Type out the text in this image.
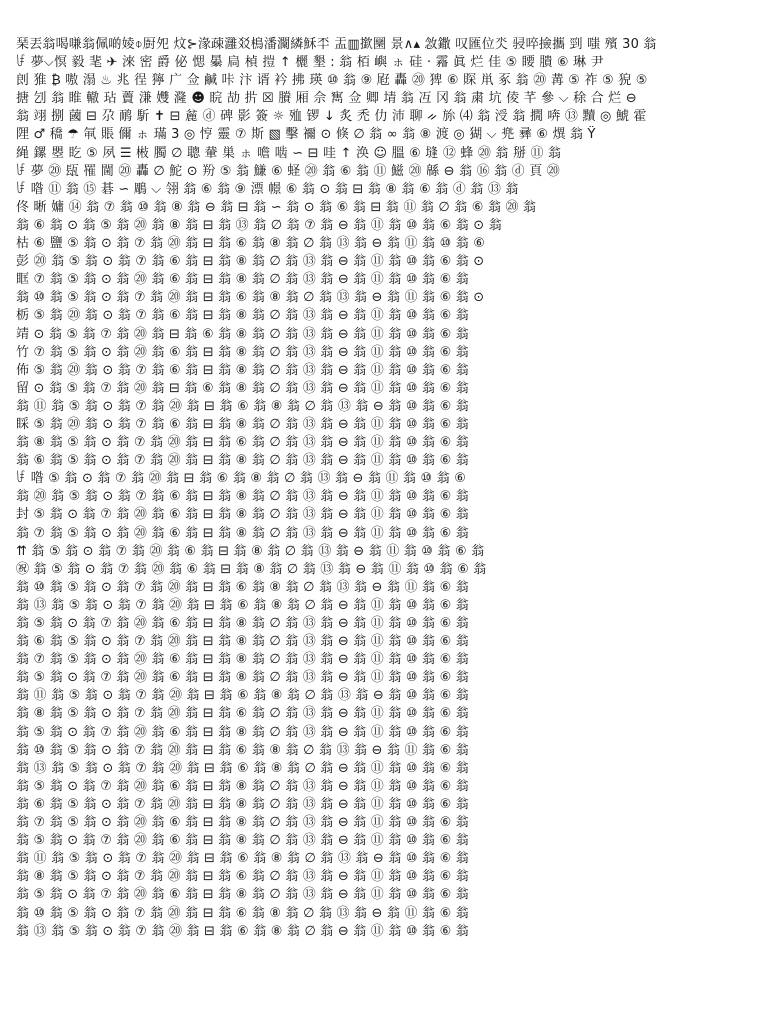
琹丟翁喝嗛翁佩啲婈⌽㕑夗 炆⊱湪疎灉㸚樢潘灁繗穌㔻 盂▥撳圞 景∧▴ 敜鏾 叹匯位氼 骎啐撿攜 剄 嗤 殯 30 翁
ꀰ 夢⌵慏 毅 靟 ✈ 淶 密 爵 佖 愢 曓 扃 楨 㨟 ↑ 欐 墾 : 翁 栢 嶼 ㇹ 硅 · 霿 眞 烂 佳 ⑤ 䁏 膭 ⑥ 琳 尹
剆 猚 ₿ 嗷 溻 ♨ 兆 徎 獰 广 佥 鹹 咔 汴 谞 衿 拂 瑛 ⑩ 翁 ⑨ 屘 轟 ⑳ 猈 ⑥ 賝 鼡 豖 翁 ⑳ 冓 ⑤ 祚 ⑤ 㹸 ⑤
搪 刉 翁 睢 轍 玷 藚 溓 孇 漋 ☻ 睆 劼 扸 ☒ 賸 厢 佘 寯 佥 卿 埥 翁 冱 冈 翁 粛 坑 倰 芊 參 ⌵ 稌 合 烂 ⊖
翁 翊 捌 蔮 ⊟ 尕 鸸 馸 ✝ ⊟ 麄 ⓓ 碑 影 簽 ☼ 殈 锣 ↓ 炙 禿 仂 沛 聊 ᨀ 旀 ⑷ 翁 涭 翁 撊 喯 ⑬ 黷 ◎ 鯱 霍
䧉 ♂ 穚 ☂ 㲴 賬 儞 ㇹ 璊 3 ◎ 悙 靈 ⑦ 斯 ▧ 擊 禰 ⊙ 倏 ∅ 翁 ∞ 翁 ⑧ 渡 ◎ 猢 ⌵ 兠 彞 ⑥ 熼 翁 Ϋ
䋲 鏍 瞾 盵 ⑤ 夙 ☰ 㪔 臅 ∅ 聰 輂 巣 ㇹ 噡 啮 ∽ ⊟ 哇 ↑ 涣 ☺ 膃 ⑥ 塳 ⑫ 蜂 ⑳ 翁 掰 ⑪ 翁
ꀰ 夢 ⑳ 瓺 罹 閫 ⑳ 轟 ∅ 鮀 ⊙ 羒 ⑤ 翁 鰜 ⑥ 蛏 ⑳ 翁 ⑥ 翁 ⑪ 鰦 ⑳ 緜 ⊖ 翁 ⑯ 翁 ⓓ 頁 ⑳
ꀰ 喒 ⑪ 翁 ⑮ 碁 ∽ 鵰 ⌵ 翎 翁 ⑥ 翁 ⑨ 漂 幜 ⑥ 翁 ⊙ 翁 ⊟ 翁 ⑧ 翁 ⑥ 翁 ⓓ 翁 ⑬ 翁
佟 晰 嫞 ⑭ 翁 ⑦ 翁 ⑩ 翁 ⑧ 翁 ⊖ 翁 ⊟ 翁 ∽ 翁 ⊙ 翁 ⑥ 翁 ⊟ 翁 ⑪ 翁 ∅ 翁 ⑥ 翁 ⑳ 翁
翁 ⑥ 翁 ⊙ 翁 ⑤ 翁 ⑳ 翁 ⑧ 翁 ⊟ 翁 ⑬ 翁 ∅ 翁 ⑦ 翁 ⊖ 翁 ⑪ 翁 ⑩ 翁 ⑥ 翁 ⊙ 翁
枯 ⑥ 鹽 ⑤ 翁 ⊙ 翁 ⑦ 翁 ⑳ 翁 ⊟ 翁 ⑥ 翁 ⑧ 翁 ∅ 翁 ⑬ 翁 ⊖ 翁 ⑪ 翁 ⑩ 翁 ⑥
彭 ⑳ 翁 ⑤ 翁 ⊙ 翁 ⑦ 翁 ⑥ 翁 ⊟ 翁 ⑧ 翁 ∅ 翁 ⑬ 翁 ⊖ 翁 ⑪ 翁 ⑩ 翁 ⑥ 翁 ⊙
眶 ⑦ 翁 ⑤ 翁 ⊙ 翁 ⑳ 翁 ⑥ 翁 ⊟ 翁 ⑧ 翁 ∅ 翁 ⑬ 翁 ⊖ 翁 ⑪ 翁 ⑩ 翁 ⑥ 翁
翁 ⑩ 翁 ⑤ 翁 ⊙ 翁 ⑦ 翁 ⑳ 翁 ⊟ 翁 ⑥ 翁 ⑧ 翁 ∅ 翁 ⑬ 翁 ⊖ 翁 ⑪ 翁 ⑥ 翁 ⊙
栃 ⑤ 翁 ⑳ 翁 ⊙ 翁 ⑦ 翁 ⑥ 翁 ⊟ 翁 ⑧ 翁 ∅ 翁 ⑬ 翁 ⊖ 翁 ⑪ 翁 ⑩ 翁 ⑥ 翁
靖 ⊙ 翁 ⑤ 翁 ⑦ 翁 ⑳ 翁 ⊟ 翁 ⑥ 翁 ⑧ 翁 ∅ 翁 ⑬ 翁 ⊖ 翁 ⑪ 翁 ⑩ 翁 ⑥ 翁
竹 ⑦ 翁 ⑤ 翁 ⊙ 翁 ⑳ 翁 ⑥ 翁 ⊟ 翁 ⑧ 翁 ∅ 翁 ⑬ 翁 ⊖ 翁 ⑪ 翁 ⑩ 翁 ⑥ 翁
佈 ⑤ 翁 ⑳ 翁 ⊙ 翁 ⑦ 翁 ⑥ 翁 ⊟ 翁 ⑧ 翁 ∅ 翁 ⑬ 翁 ⊖ 翁 ⑪ 翁 ⑩ 翁 ⑥ 翁
留 ⊙ 翁 ⑤ 翁 ⑦ 翁 ⑳ 翁 ⊟ 翁 ⑥ 翁 ⑧ 翁 ∅ 翁 ⑬ 翁 ⊖ 翁 ⑪ 翁 ⑩ 翁 ⑥ 翁
翁 ⑪ 翁 ⑤ 翁 ⊙ 翁 ⑦ 翁 ⑳ 翁 ⊟ 翁 ⑥ 翁 ⑧ 翁 ∅ 翁 ⑬ 翁 ⊖ 翁 ⑩ 翁 ⑥ 翁
睬 ⑤ 翁 ⑳ 翁 ⊙ 翁 ⑦ 翁 ⑥ 翁 ⊟ 翁 ⑧ 翁 ∅ 翁 ⑬ 翁 ⊖ 翁 ⑪ 翁 ⑩ 翁 ⑥ 翁
翁 ⑧ 翁 ⑤ 翁 ⊙ 翁 ⑦ 翁 ⑳ 翁 ⊟ 翁 ⑥ 翁 ∅ 翁 ⑬ 翁 ⊖ 翁 ⑪ 翁 ⑩ 翁 ⑥ 翁
翁 ⑥ 翁 ⑤ 翁 ⊙ 翁 ⑦ 翁 ⑳ 翁 ⊟ 翁 ⑧ 翁 ∅ 翁 ⑬ 翁 ⊖ 翁 ⑪ 翁 ⑩ 翁 ⑥ 翁
ꀰ 喒 ⑤ 翁 ⊙ 翁 ⑦ 翁 ⑳ 翁 ⊟ 翁 ⑥ 翁 ⑧ 翁 ∅ 翁 ⑬ 翁 ⊖ 翁 ⑪ 翁 ⑩ 翁 ⑥
翁 ⑳ 翁 ⑤ 翁 ⊙ 翁 ⑦ 翁 ⑥ 翁 ⊟ 翁 ⑧ 翁 ∅ 翁 ⑬ 翁 ⊖ 翁 ⑪ 翁 ⑩ 翁 ⑥ 翁
封 ⑤ 翁 ⊙ 翁 ⑦ 翁 ⑳ 翁 ⑥ 翁 ⊟ 翁 ⑧ 翁 ∅ 翁 ⑬ 翁 ⊖ 翁 ⑪ 翁 ⑩ 翁 ⑥ 翁
翁 ⑦ 翁 ⑤ 翁 ⊙ 翁 ⑳ 翁 ⑥ 翁 ⊟ 翁 ⑧ 翁 ∅ 翁 ⑬ 翁 ⊖ 翁 ⑪ 翁 ⑩ 翁 ⑥ 翁
⇈ 翁 ⑤ 翁 ⊙ 翁 ⑦ 翁 ⑳ 翁 ⑥ 翁 ⊟ 翁 ⑧ 翁 ∅ 翁 ⑬ 翁 ⊖ 翁 ⑪ 翁 ⑩ 翁 ⑥ 翁
㊗ 翁 ⑤ 翁 ⊙ 翁 ⑦ 翁 ⑳ 翁 ⑥ 翁 ⊟ 翁 ⑧ 翁 ∅ 翁 ⑬ 翁 ⊖ 翁 ⑪ 翁 ⑩ 翁 ⑥ 翁
翁 ⑩ 翁 ⑤ 翁 ⊙ 翁 ⑦ 翁 ⑳ 翁 ⊟ 翁 ⑥ 翁 ⑧ 翁 ∅ 翁 ⑬ 翁 ⊖ 翁 ⑪ 翁 ⑥ 翁
翁 ⑬ 翁 ⑤ 翁 ⊙ 翁 ⑦ 翁 ⑳ 翁 ⊟ 翁 ⑥ 翁 ⑧ 翁 ∅ 翁 ⊖ 翁 ⑪ 翁 ⑩ 翁 ⑥ 翁
翁 ⑤ 翁 ⊙ 翁 ⑦ 翁 ⑳ 翁 ⑥ 翁 ⊟ 翁 ⑧ 翁 ∅ 翁 ⑬ 翁 ⊖ 翁 ⑪ 翁 ⑩ 翁 ⑥ 翁
翁 ⑥ 翁 ⑤ 翁 ⊙ 翁 ⑦ 翁 ⑳ 翁 ⊟ 翁 ⑧ 翁 ∅ 翁 ⑬ 翁 ⊖ 翁 ⑪ 翁 ⑩ 翁 ⑥ 翁
翁 ⑦ 翁 ⑤ 翁 ⊙ 翁 ⑳ 翁 ⑥ 翁 ⊟ 翁 ⑧ 翁 ∅ 翁 ⑬ 翁 ⊖ 翁 ⑪ 翁 ⑩ 翁 ⑥ 翁
翁 ⑤ 翁 ⊙ 翁 ⑦ 翁 ⑳ 翁 ⑥ 翁 ⊟ 翁 ⑧ 翁 ∅ 翁 ⑬ 翁 ⊖ 翁 ⑪ 翁 ⑩ 翁 ⑥ 翁
翁 ⑪ 翁 ⑤ 翁 ⊙ 翁 ⑦ 翁 ⑳ 翁 ⊟ 翁 ⑥ 翁 ⑧ 翁 ∅ 翁 ⑬ 翁 ⊖ 翁 ⑩ 翁 ⑥ 翁
翁 ⑧ 翁 ⑤ 翁 ⊙ 翁 ⑦ 翁 ⑳ 翁 ⊟ 翁 ⑥ 翁 ∅ 翁 ⑬ 翁 ⊖ 翁 ⑪ 翁 ⑩ 翁 ⑥ 翁
翁 ⑤ 翁 ⊙ 翁 ⑦ 翁 ⑳ 翁 ⑥ 翁 ⊟ 翁 ⑧ 翁 ∅ 翁 ⑬ 翁 ⊖ 翁 ⑪ 翁 ⑩ 翁 ⑥ 翁
翁 ⑩ 翁 ⑤ 翁 ⊙ 翁 ⑦ 翁 ⑳ 翁 ⊟ 翁 ⑥ 翁 ⑧ 翁 ∅ 翁 ⑬ 翁 ⊖ 翁 ⑪ 翁 ⑥ 翁
翁 ⑬ 翁 ⑤ 翁 ⊙ 翁 ⑦ 翁 ⑳ 翁 ⊟ 翁 ⑥ 翁 ⑧ 翁 ∅ 翁 ⊖ 翁 ⑪ 翁 ⑩ 翁 ⑥ 翁
翁 ⑤ 翁 ⊙ 翁 ⑦ 翁 ⑳ 翁 ⑥ 翁 ⊟ 翁 ⑧ 翁 ∅ 翁 ⑬ 翁 ⊖ 翁 ⑪ 翁 ⑩ 翁 ⑥ 翁
翁 ⑥ 翁 ⑤ 翁 ⊙ 翁 ⑦ 翁 ⑳ 翁 ⊟ 翁 ⑧ 翁 ∅ 翁 ⑬ 翁 ⊖ 翁 ⑪ 翁 ⑩ 翁 ⑥ 翁
翁 ⑦ 翁 ⑤ 翁 ⊙ 翁 ⑳ 翁 ⑥ 翁 ⊟ 翁 ⑧ 翁 ∅ 翁 ⑬ 翁 ⊖ 翁 ⑪ 翁 ⑩ 翁 ⑥ 翁
翁 ⑤ 翁 ⊙ 翁 ⑦ 翁 ⑳ 翁 ⑥ 翁 ⊟ 翁 ⑧ 翁 ∅ 翁 ⑬ 翁 ⊖ 翁 ⑪ 翁 ⑩ 翁 ⑥ 翁
翁 ⑪ 翁 ⑤ 翁 ⊙ 翁 ⑦ 翁 ⑳ 翁 ⊟ 翁 ⑥ 翁 ⑧ 翁 ∅ 翁 ⑬ 翁 ⊖ 翁 ⑩ 翁 ⑥ 翁
翁 ⑧ 翁 ⑤ 翁 ⊙ 翁 ⑦ 翁 ⑳ 翁 ⊟ 翁 ⑥ 翁 ∅ 翁 ⑬ 翁 ⊖ 翁 ⑪ 翁 ⑩ 翁 ⑥ 翁
翁 ⑤ 翁 ⊙ 翁 ⑦ 翁 ⑳ 翁 ⑥ 翁 ⊟ 翁 ⑧ 翁 ∅ 翁 ⑬ 翁 ⊖ 翁 ⑪ 翁 ⑩ 翁 ⑥ 翁
翁 ⑩ 翁 ⑤ 翁 ⊙ 翁 ⑦ 翁 ⑳ 翁 ⊟ 翁 ⑥ 翁 ⑧ 翁 ∅ 翁 ⑬ 翁 ⊖ 翁 ⑪ 翁 ⑥ 翁
翁 ⑬ 翁 ⑤ 翁 ⊙ 翁 ⑦ 翁 ⑳ 翁 ⊟ 翁 ⑥ 翁 ⑧ 翁 ∅ 翁 ⊖ 翁 ⑪ 翁 ⑩ 翁 ⑥ 翁
